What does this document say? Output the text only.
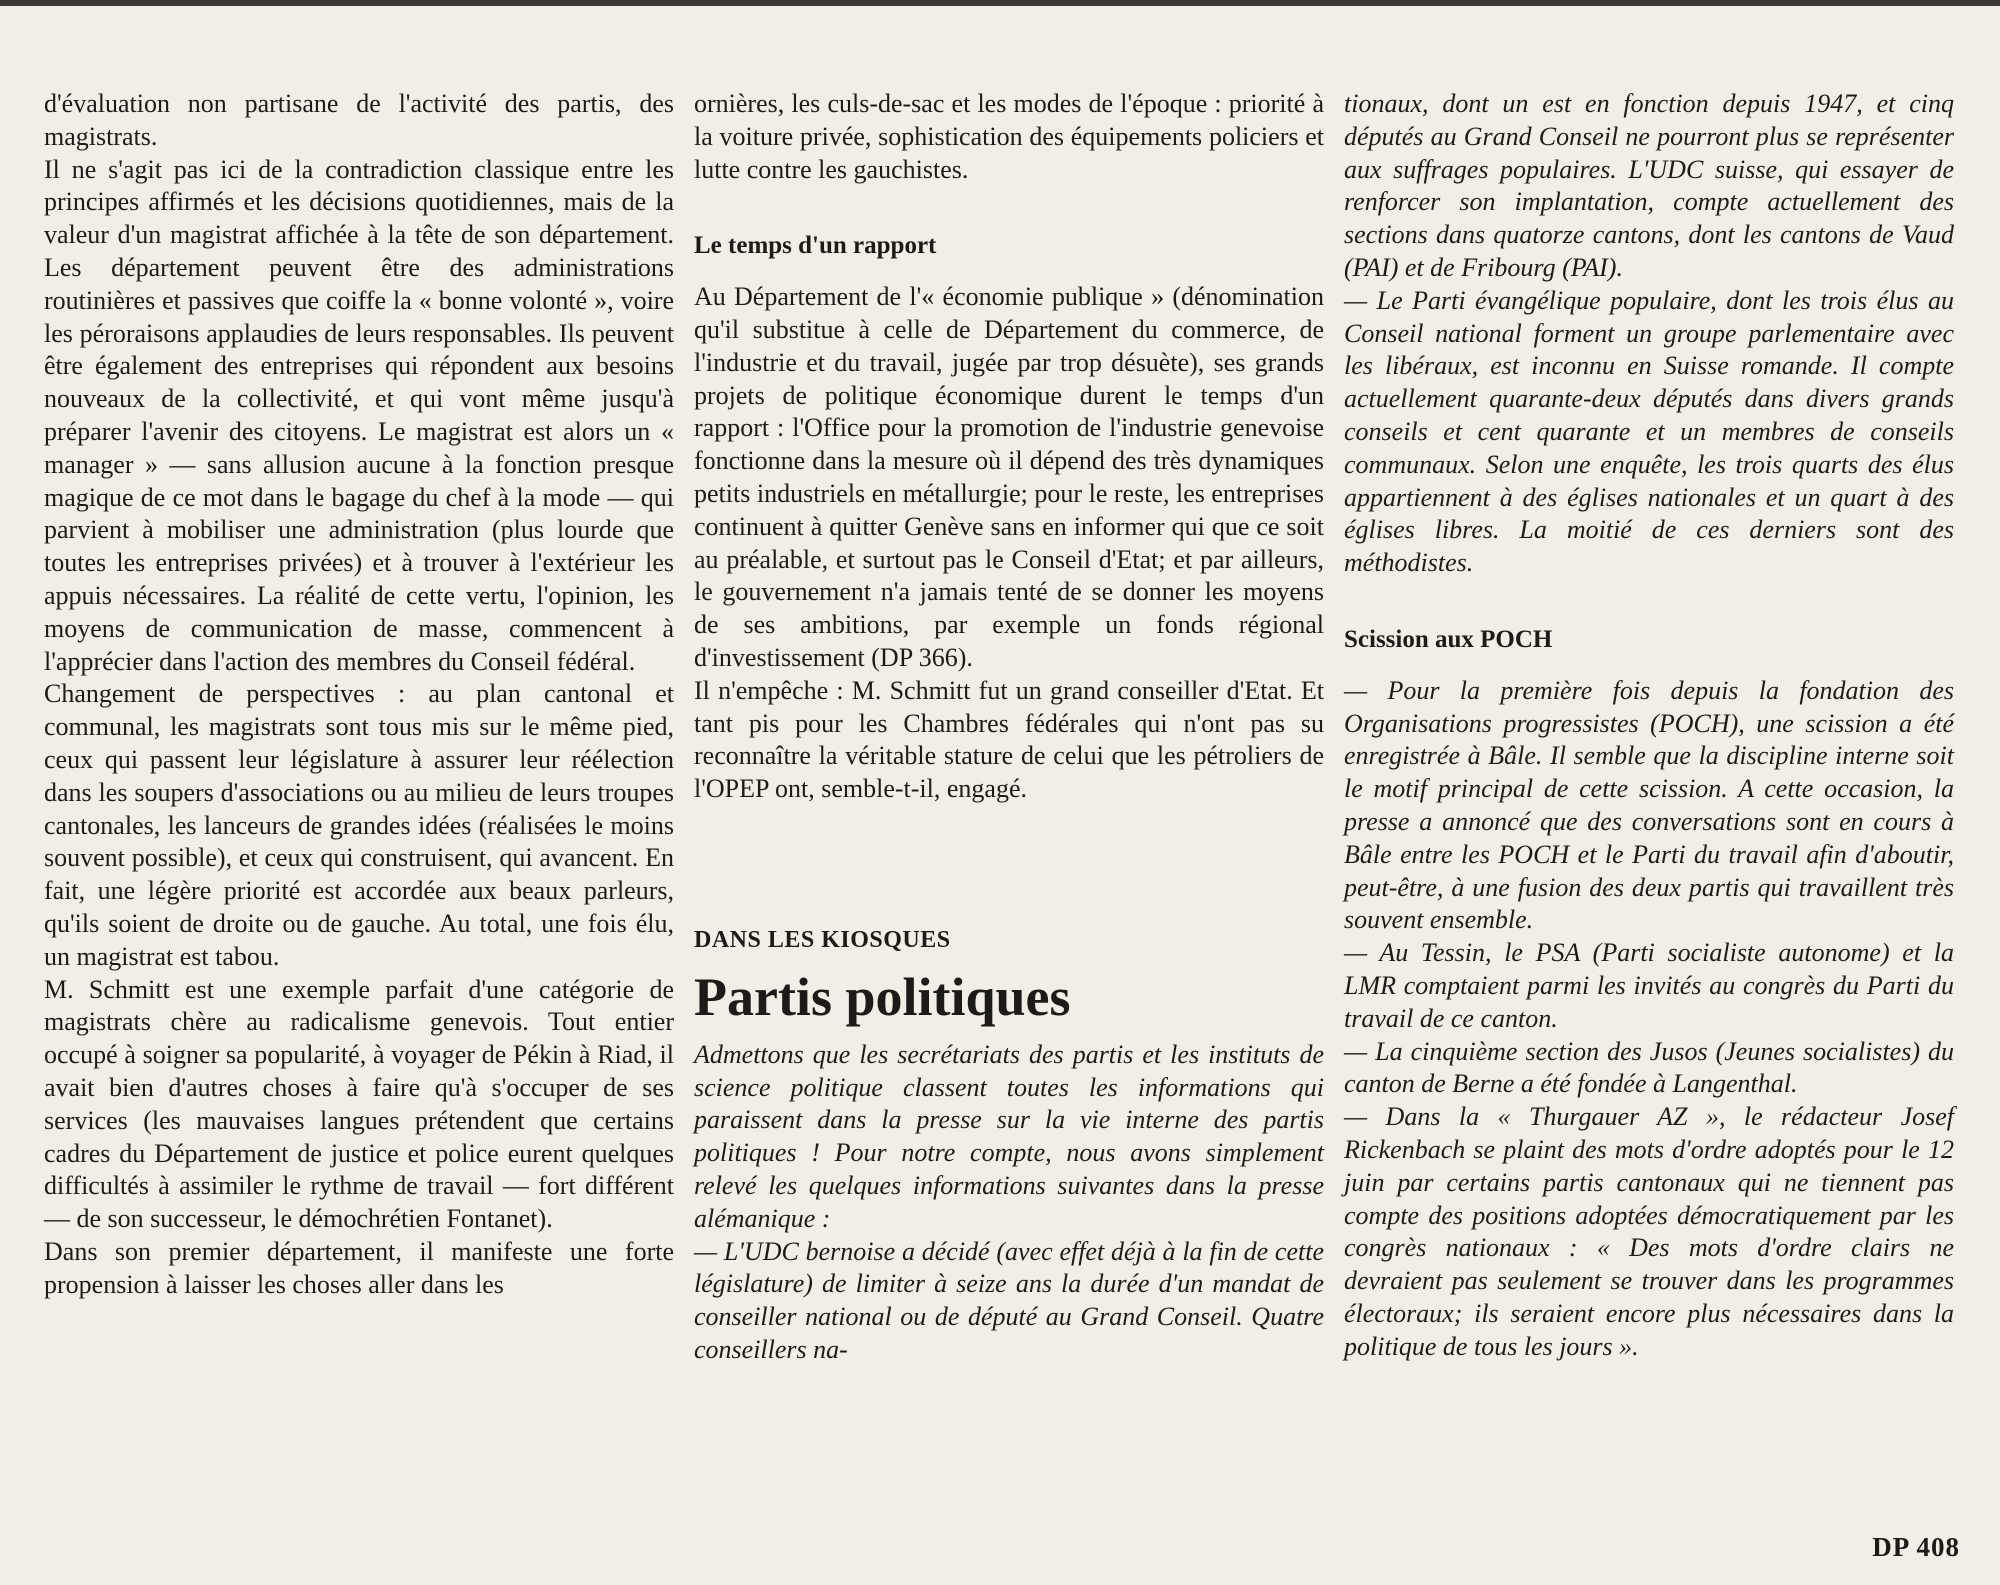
d'évaluation non partisane de l'activité des partis, des magistrats.

Il ne s'agit pas ici de la contradiction classique entre les principes affirmés et les décisions quotidiennes, mais de la valeur d'un magistrat affichée à la tête de son département. Les département peuvent être des administrations routinières et passives que coiffe la « bonne volonté », voire les péroraisons applaudies de leurs responsables. Ils peuvent être également des entreprises qui répondent aux besoins nouveaux de la collectivité, et qui vont même jusqu'à préparer l'avenir des citoyens. Le magistrat est alors un « manager » — sans allusion aucune à la fonction presque magique de ce mot dans le bagage du chef à la mode — qui parvient à mobiliser une administration (plus lourde que toutes les entreprises privées) et à trouver à l'extérieur les appuis nécessaires. La réalité de cette vertu, l'opinion, les moyens de communication de masse, commencent à l'apprécier dans l'action des membres du Conseil fédéral.

Changement de perspectives : au plan cantonal et communal, les magistrats sont tous mis sur le même pied, ceux qui passent leur législature à assurer leur réélection dans les soupers d'associations ou au milieu de leurs troupes cantonales, les lanceurs de grandes idées (réalisées le moins souvent possible), et ceux qui construisent, qui avancent. En fait, une légère priorité est accordée aux beaux parleurs, qu'ils soient de droite ou de gauche. Au total, une fois élu, un magistrat est tabou.

M. Schmitt est une exemple parfait d'une catégorie de magistrats chère au radicalisme genevois. Tout entier occupé à soigner sa popularité, à voyager de Pékin à Riad, il avait bien d'autres choses à faire qu'à s'occuper de ses services (les mauvaises langues prétendent que certains cadres du Département de justice et police eurent quelques difficultés à assimiler le rythme de travail — fort différent — de son successeur, le démochrétien Fontanet).

Dans son premier département, il manifeste une forte propension à laisser les choses aller dans les

ornières, les culs-de-sac et les modes de l'époque : priorité à la voiture privée, sophistication des équipements policiers et lutte contre les gauchistes.

Le temps d'un rapport

Au Département de l'« économie publique » (dénomination qu'il substitue à celle de Département du commerce, de l'industrie et du travail, jugée par trop désuète), ses grands projets de politique économique durent le temps d'un rapport : l'Office pour la promotion de l'industrie genevoise fonctionne dans la mesure où il dépend des très dynamiques petits industriels en métallurgie; pour le reste, les entreprises continuent à quitter Genève sans en informer qui que ce soit au préalable, et surtout pas le Conseil d'Etat; et par ailleurs, le gouvernement n'a jamais tenté de se donner les moyens de ses ambitions, par exemple un fonds régional d'investissement (DP 366).

Il n'empêche : M. Schmitt fut un grand conseiller d'Etat. Et tant pis pour les Chambres fédérales qui n'ont pas su reconnaître la véritable stature de celui que les pétroliers de l'OPEP ont, semble-t-il, engagé.

DANS LES KIOSQUES

Partis politiques

Admettons que les secrétariats des partis et les instituts de science politique classent toutes les informations qui paraissent dans la presse sur la vie interne des partis politiques ! Pour notre compte, nous avons simplement relevé les quelques informations suivantes dans la presse alémanique :

— L'UDC bernoise a décidé (avec effet déjà à la fin de cette législature) de limiter à seize ans la durée d'un mandat de conseiller national ou de député au Grand Conseil. Quatre conseillers na-

tionaux, dont un est en fonction depuis 1947, et cinq députés au Grand Conseil ne pourront plus se représenter aux suffrages populaires. L'UDC suisse, qui essayer de renforcer son implantation, compte actuellement des sections dans quatorze cantons, dont les cantons de Vaud (PAI) et de Fribourg (PAI).

— Le Parti évangélique populaire, dont les trois élus au Conseil national forment un groupe parlementaire avec les libéraux, est inconnu en Suisse romande. Il compte actuellement quarante-deux députés dans divers grands conseils et cent quarante et un membres de conseils communaux. Selon une enquête, les trois quarts des élus appartiennent à des églises nationales et un quart à des églises libres. La moitié de ces derniers sont des méthodistes.

Scission aux POCH

— Pour la première fois depuis la fondation des Organisations progressistes (POCH), une scission a été enregistrée à Bâle. Il semble que la discipline interne soit le motif principal de cette scission. A cette occasion, la presse a annoncé que des conversations sont en cours à Bâle entre les POCH et le Parti du travail afin d'aboutir, peut-être, à une fusion des deux partis qui travaillent très souvent ensemble.

— Au Tessin, le PSA (Parti socialiste autonome) et la LMR comptaient parmi les invités au congrès du Parti du travail de ce canton.

— La cinquième section des Jusos (Jeunes socialistes) du canton de Berne a été fondée à Langenthal.

— Dans la « Thurgauer AZ », le rédacteur Josef Rickenbach se plaint des mots d'ordre adoptés pour le 12 juin par certains partis cantonaux qui ne tiennent pas compte des positions adoptées démocratiquement par les congrès nationaux : « Des mots d'ordre clairs ne devraient pas seulement se trouver dans les programmes électoraux; ils seraient encore plus nécessaires dans la politique de tous les jours ».

DP 408
